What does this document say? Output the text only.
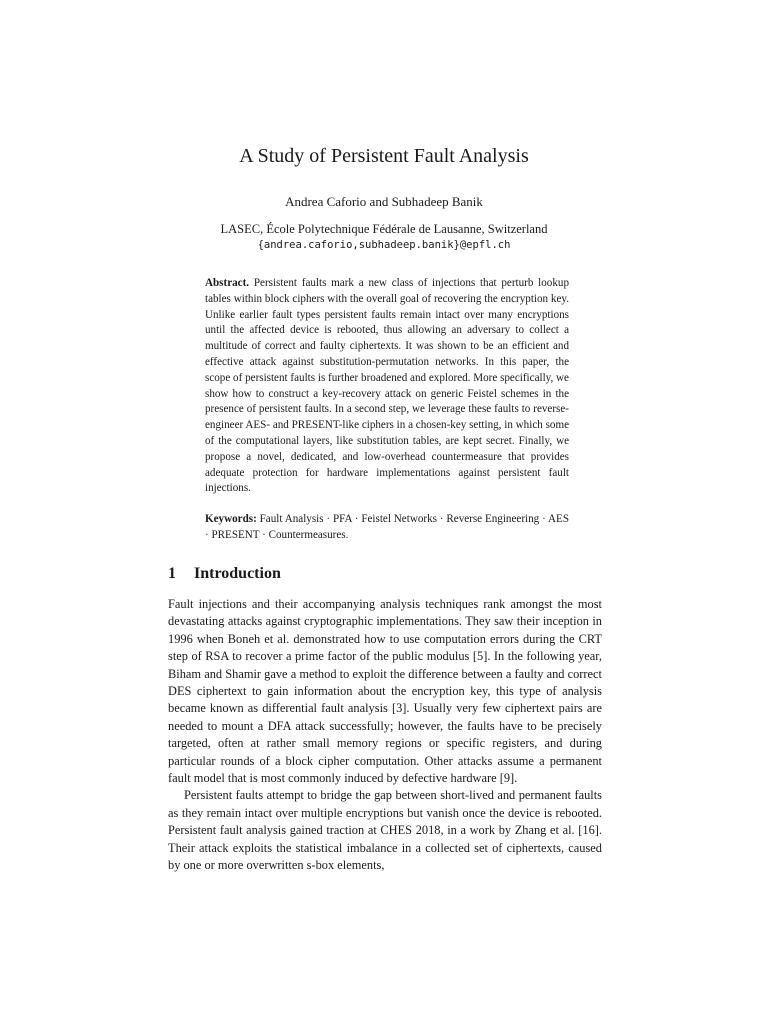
A Study of Persistent Fault Analysis
Andrea Caforio and Subhadeep Banik
LASEC, École Polytechnique Fédérale de Lausanne, Switzerland
{andrea.caforio,subhadeep.banik}@epfl.ch
Abstract. Persistent faults mark a new class of injections that perturb lookup tables within block ciphers with the overall goal of recovering the encryption key. Unlike earlier fault types persistent faults remain intact over many encryptions until the affected device is rebooted, thus allowing an adversary to collect a multitude of correct and faulty ciphertexts. It was shown to be an efficient and effective attack against substitution-permutation networks. In this paper, the scope of persistent faults is further broadened and explored. More specifically, we show how to construct a key-recovery attack on generic Feistel schemes in the presence of persistent faults. In a second step, we leverage these faults to reverse-engineer AES- and PRESENT-like ciphers in a chosen-key setting, in which some of the computational layers, like substitution tables, are kept secret. Finally, we propose a novel, dedicated, and low-overhead countermeasure that provides adequate protection for hardware implementations against persistent fault injections.
Keywords: Fault Analysis · PFA · Feistel Networks · Reverse Engineering · AES · PRESENT · Countermeasures.
1 Introduction

Fault injections and their accompanying analysis techniques rank amongst the most devastating attacks against cryptographic implementations. They saw their inception in 1996 when Boneh et al. demonstrated how to use computation errors during the CRT step of RSA to recover a prime factor of the public modulus [5]. In the following year, Biham and Shamir gave a method to exploit the difference between a faulty and correct DES ciphertext to gain information about the encryption key, this type of analysis became known as differential fault analysis [3]. Usually very few ciphertext pairs are needed to mount a DFA attack successfully; however, the faults have to be precisely targeted, often at rather small memory regions or specific registers, and during particular rounds of a block cipher computation. Other attacks assume a permanent fault model that is most commonly induced by defective hardware [9].

Persistent faults attempt to bridge the gap between short-lived and permanent faults as they remain intact over multiple encryptions but vanish once the device is rebooted. Persistent fault analysis gained traction at CHES 2018, in a work by Zhang et al. [16]. Their attack exploits the statistical imbalance in a collected set of ciphertexts, caused by one or more overwritten s-box elements,
